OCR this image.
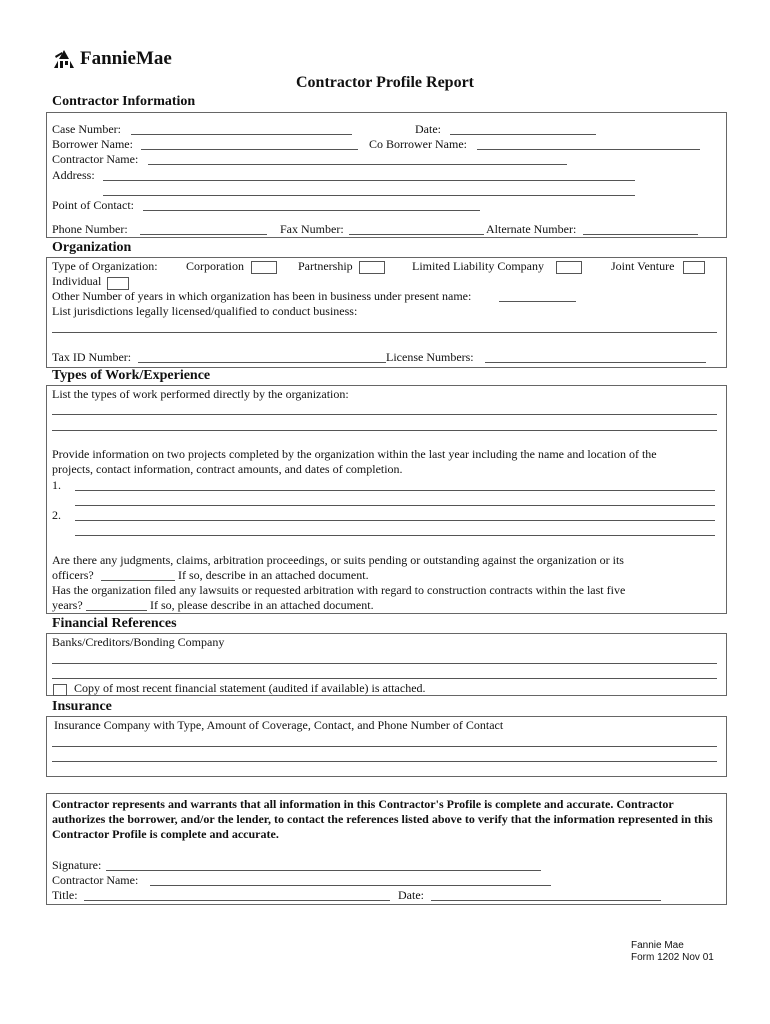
FannieMae
Contractor Profile Report
Contractor Information
Case Number:	Date:
Borrower Name:	Co Borrower Name:
Contractor Name:
Address:
Point of Contact:
Phone Number:	Fax Number:	Alternate Number:
Organization
Type of Organization: Corporation	Partnership	Limited Liability Company	Joint Venture
Individual
Other Number of years in which organization has been in business under present name:
List jurisdictions legally licensed/qualified to conduct business:
Tax ID Number:	License Numbers:
Types of Work/Experience
List the types of work performed directly by the organization:
Provide information on two projects completed by the organization within the last year including the name and location of the
projects, contact information, contract amounts, and dates of completion.
1.
2.
Are there any judgments, claims, arbitration proceedings, or suits pending or outstanding against the organization or its
officers?	If so, describe in an attached document.
Has the organization filed any lawsuits or requested arbitration with regard to construction contracts within the last five
years?	If so, please describe in an attached document.
Financial References
Banks/Creditors/Bonding Company
Copy of most recent financial statement (audited if available) is attached.
Insurance
Insurance Company with Type, Amount of Coverage, Contact, and Phone Number of Contact
Contractor represents and warrants that all information in this Contractor's Profile is complete and accurate. Contractor authorizes the borrower, and/or the lender, to contact the references listed above to verify that the information represented in this Contractor Profile is complete and accurate.
Signature:
Contractor Name:
Title:	Date:
Fannie Mae
Form 1202 Nov 01
